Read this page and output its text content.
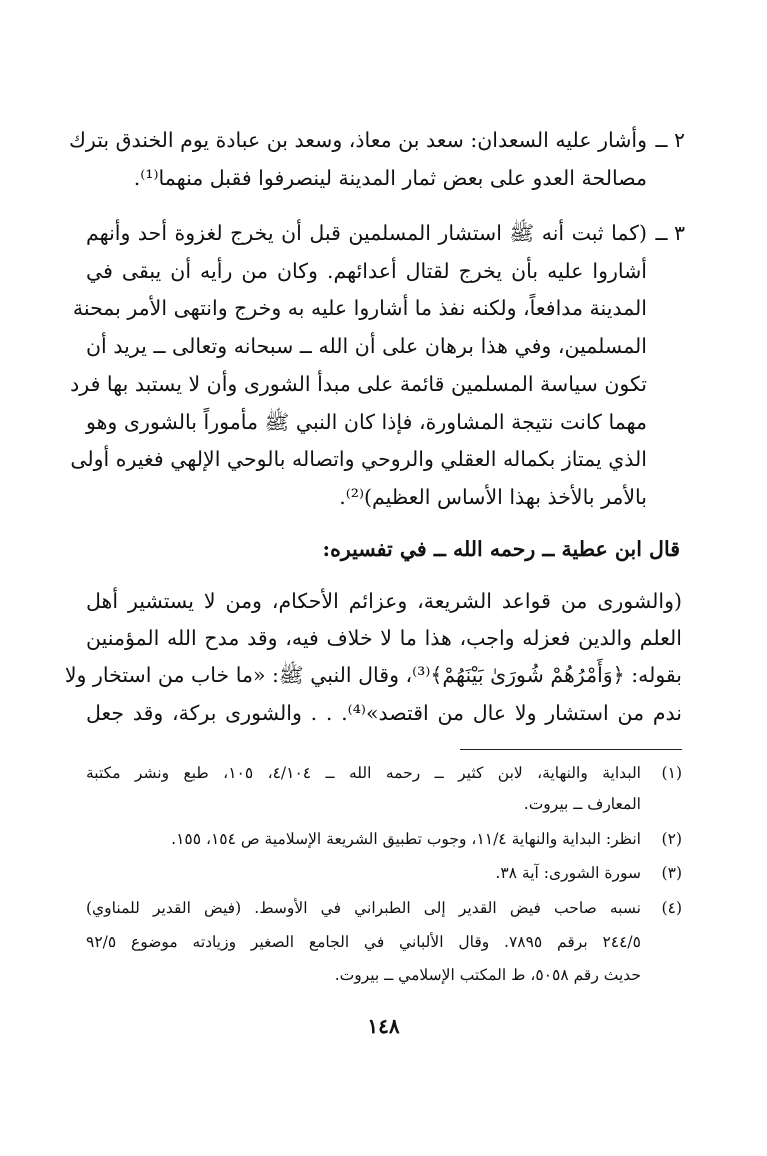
٢ ــ
وأشار عليه السعدان: سعد بن معاذ، وسعد بن عبادة يوم الخندق بترك
مصالحة العدو على بعض ثمار المدينة لينصرفوا فقبل منهما⁽¹⁾.
٣ ــ
(كما ثبت أنه ﷺ استشار المسلمين قبل أن يخرج لغزوة أحد وأنهم
أشاروا عليه بأن يخرج لقتال أعدائهم. وكان من رأيه أن يبقى في
المدينة مدافعاً، ولكنه نفذ ما أشاروا عليه به وخرج وانتهى الأمر بمحنة
المسلمين، وفي هذا برهان على أن الله ــ سبحانه وتعالى ــ يريد أن
تكون سياسة المسلمين قائمة على مبدأ الشورى وأن لا يستبد بها فرد
مهما كانت نتيجة المشاورة، فإذا كان النبي ﷺ مأموراً بالشورى وهو
الذي يمتاز بكماله العقلي والروحي واتصاله بالوحي الإلهي فغيره أولى
بالأمر بالأخذ بهذا الأساس العظيم)⁽²⁾.
قال ابن عطية ــ رحمه الله ــ في تفسيره:
(والشورى من قواعد الشريعة، وعزائم الأحكام، ومن لا يستشير أهل
العلم والدين فعزله واجب، هذا ما لا خلاف فيه، وقد مدح الله المؤمنين
بقوله: ﴿وَأَمْرُهُمْ شُورَىٰ بَيْنَهُمْ﴾⁽³⁾، وقال النبي ﷺ: «ما خاب من استخار ولا
ندم من استشار ولا عال من اقتصد»⁽⁴⁾. . . والشورى بركة، وقد جعل
(١)
البداية والنهاية، لابن كثير ــ رحمه الله ــ ٤/١٠٤، ١٠٥، طبع ونشر مكتبة
المعارف ــ بيروت.
(٢)
انظر: البداية والنهاية ١١/٤، وجوب تطبيق الشريعة الإسلامية ص ١٥٤، ١٥٥.
(٣)
سورة الشورى: آية ٣٨.
(٤)
نسبه صاحب فيض القدير إلى الطبراني في الأوسط. (فيض القدير للمناوي)
٢٤٤/٥ برقم ٧٨٩٥. وقال الألباني في الجامع الصغير وزيادته موضوع ٩٢/٥
حديث رقم ٥٠٥٨، ط المكتب الإسلامي ــ بيروت.
١٤٨
